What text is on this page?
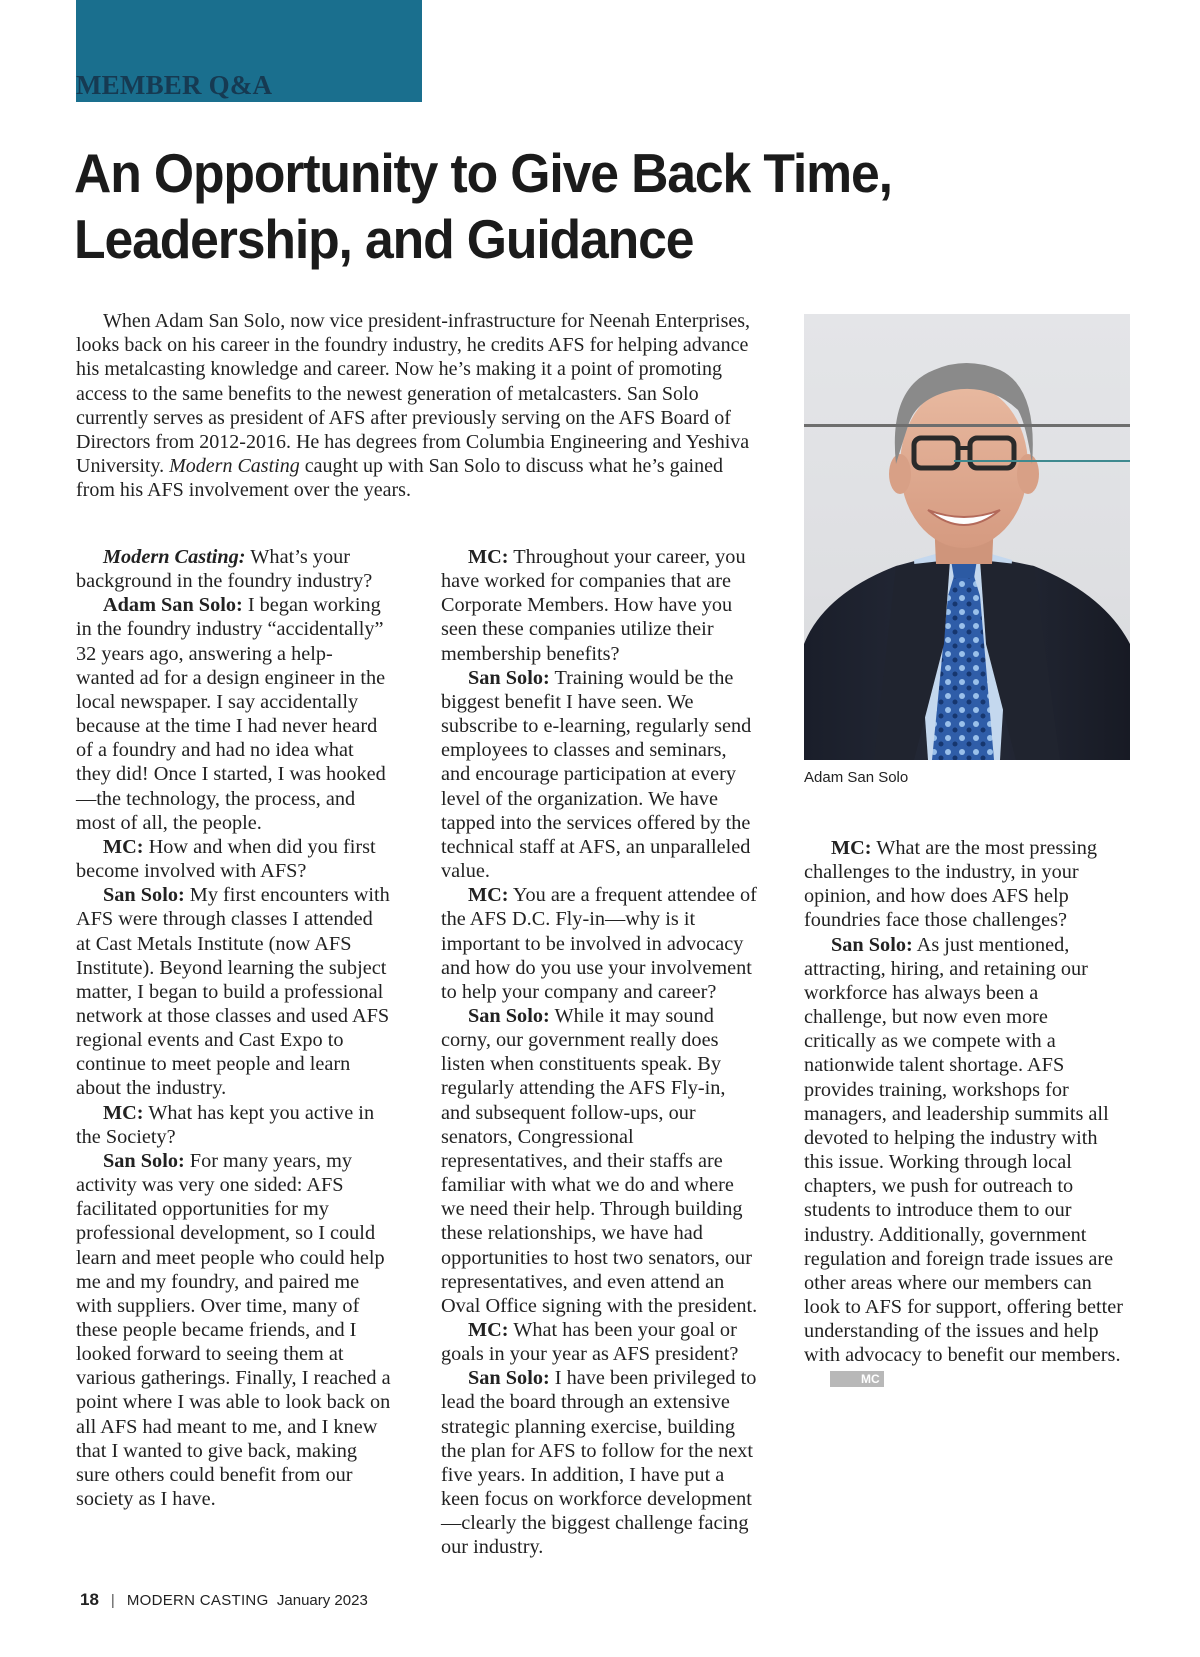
MEMBER Q&A
An Opportunity to Give Back Time, Leadership, and Guidance

When Adam San Solo, now vice president-infrastructure for Neenah Enterprises, looks back on his career in the foundry industry, he credits AFS for helping advance his metalcasting knowledge and career. Now he’s making it a point of promoting access to the same benefits to the newest generation of metalcasters. San Solo currently serves as president of AFS after previously serving on the AFS Board of Directors from 2012-2016. He has degrees from Columbia Engineering and Yeshiva University. Modern Casting caught up with San Solo to discuss what he’s gained from his AFS involvement over the years.

Adam San Solo

Modern Casting: What’s your background in the foundry industry?

Adam San Solo: I began working in the foundry industry “accidentally” 32 years ago, answering a help-wanted ad for a design engineer in the local newspaper. I say accidentally because at the time I had never heard of a foundry and had no idea what they did! Once I started, I was hooked—the technology, the process, and most of all, the people.

MC: How and when did you first become involved with AFS?

San Solo: My first encounters with AFS were through classes I attended at Cast Metals Institute (now AFS Institute). Beyond learning the subject matter, I began to build a professional network at those classes and used AFS regional events and Cast Expo to continue to meet people and learn about the industry.

MC: What has kept you active in the Society?

San Solo: For many years, my activity was very one sided: AFS facilitated opportunities for my professional development, so I could learn and meet people who could help me and my foundry, and paired me with suppliers. Over time, many of these people became friends, and I looked forward to seeing them at various gatherings. Finally, I reached a point where I was able to look back on all AFS had meant to me, and I knew that I wanted to give back, making sure others could benefit from our society as I have.

MC: Throughout your career, you have worked for companies that are Corporate Members. How have you seen these companies utilize their membership benefits?

San Solo: Training would be the biggest benefit I have seen. We subscribe to e-learning, regularly send employees to classes and seminars, and encourage participation at every level of the organization. We have tapped into the services offered by the technical staff at AFS, an unparalleled value.

MC: You are a frequent attendee of the AFS D.C. Fly-in—why is it important to be involved in advocacy and how do you use your involvement to help your company and career?

San Solo: While it may sound corny, our government really does listen when constituents speak. By regularly attending the AFS Fly-in, and subsequent follow-ups, our senators, Congressional representatives, and their staffs are familiar with what we do and where we need their help. Through building these relationships, we have had opportunities to host two senators, our representatives, and even attend an Oval Office signing with the president.

MC: What has been your goal or goals in your year as AFS president?

San Solo: I have been privileged to lead the board through an extensive strategic planning exercise, building the plan for AFS to follow for the next five years. In addition, I have put a keen focus on workforce development—clearly the biggest challenge facing our industry.

MC: What are the most pressing challenges to the industry, in your opinion, and how does AFS help foundries face those challenges?

San Solo: As just mentioned, attracting, hiring, and retaining our workforce has always been a challenge, but now even more critically as we compete with a nationwide talent shortage. AFS provides training, workshops for managers, and leadership summits all devoted to helping the industry with this issue. Working through local chapters, we push for outreach to students to introduce them to our industry. Additionally, government regulation and foreign trade issues are other areas where our members can look to AFS for support, offering better understanding of the issues and help with advocacy to benefit our members.MC

18 | MODERN CASTING January 2023
